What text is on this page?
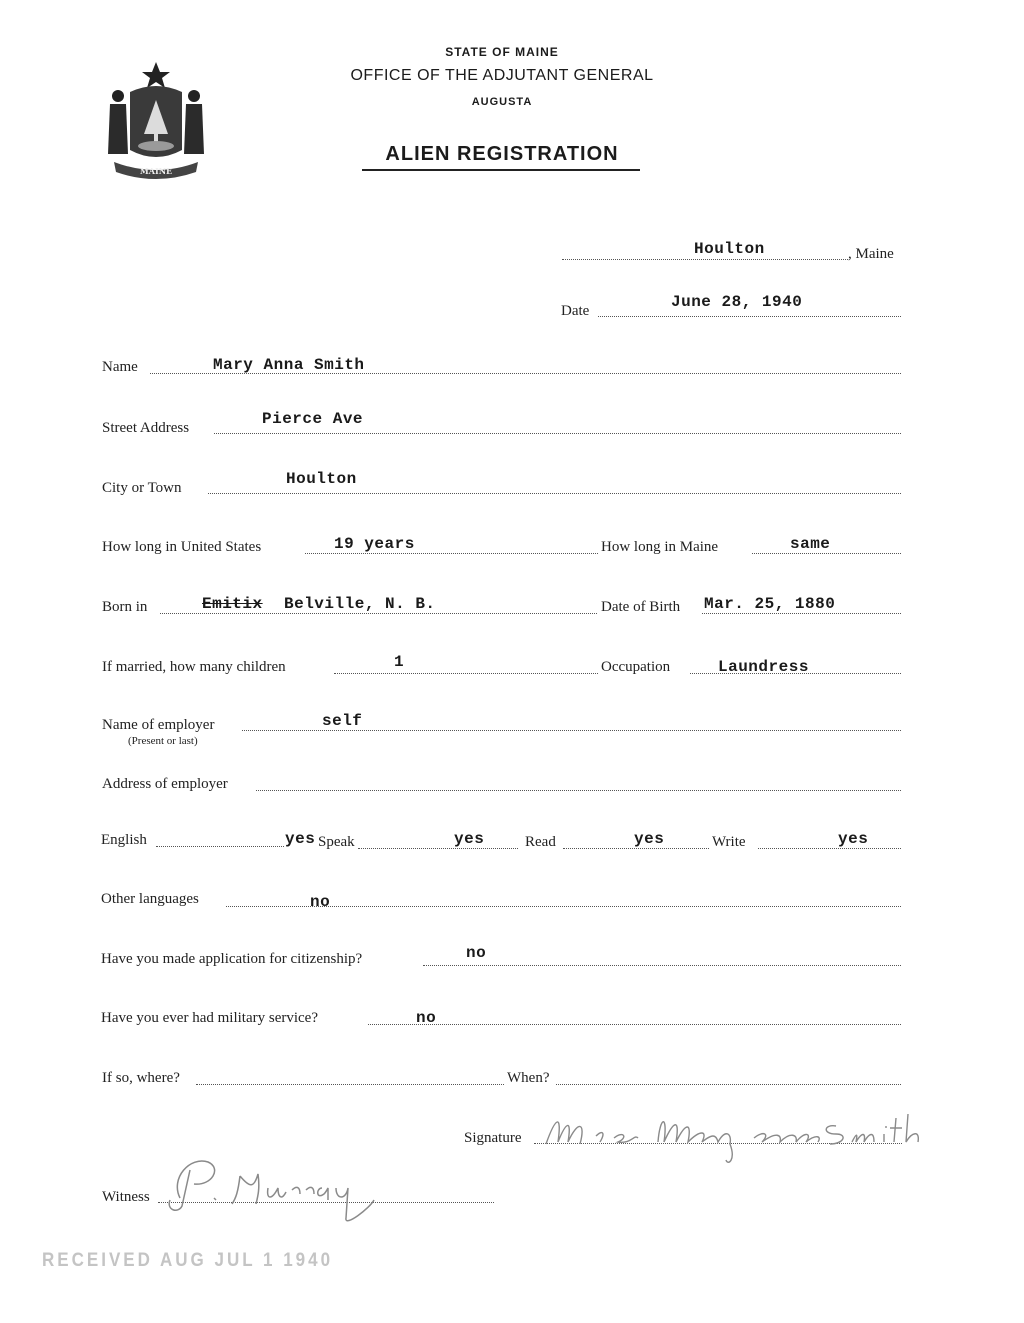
MAINE
STATE OF MAINE
OFFICE OF THE ADJUTANT GENERAL
AUGUSTA
ALIEN REGISTRATION
Houlton	, Maine
Date	June 28, 1940
Name	Mary Anna Smith
Street Address	Pierce Ave
City or Town	Houlton
How long in United States	19 years	How long in Maine	same
Born in	Emitix Belville, N. B.	Date of Birth Mar. 25, 1880
If married, how many children	1	Occupation	Laundress
Name of employer
(Present or last)
self
Address of employer
English	yes Speak	yes	Read	yes	Write	yes
Other languages	no
Have you made application for citizenship?	no
Have you ever had military service?	no
If so, where?	When?
Signature
Witness
RECEIVED AUG JUL 1 1940
